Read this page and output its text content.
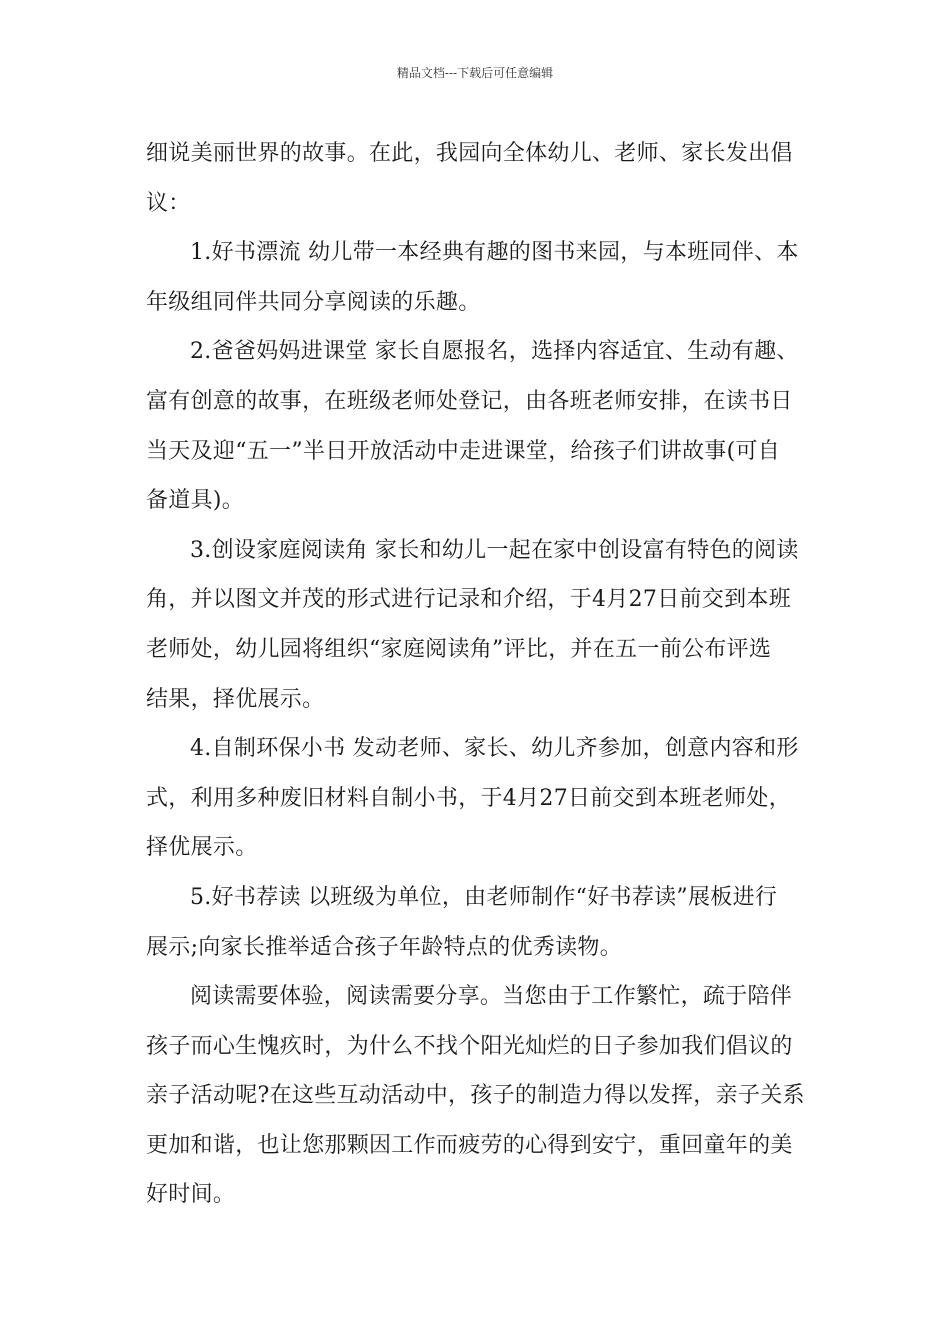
精品文档---下载后可任意编辑
细说美丽世界的故事。在此，我园向全体幼儿、老师、家长发出倡
议：
1.好书漂流 幼儿带一本经典有趣的图书来园，与本班同伴、本
年级组同伴共同分享阅读的乐趣。
2.爸爸妈妈进课堂 家长自愿报名，选择内容适宜、生动有趣、
富有创意的故事，在班级老师处登记，由各班老师安排，在读书日
当天及迎“五一”半日开放活动中走进课堂，给孩子们讲故事(可自
备道具)。
3.创设家庭阅读角 家长和幼儿一起在家中创设富有特色的阅读
角，并以图文并茂的形式进行记录和介绍，于4月27日前交到本班
老师处，幼儿园将组织“家庭阅读角”评比，并在五一前公布评选
结果，择优展示。
4.自制环保小书 发动老师、家长、幼儿齐参加，创意内容和形
式，利用多种废旧材料自制小书，于4月27日前交到本班老师处，
择优展示。
5.好书荐读 以班级为单位，由老师制作“好书荐读”展板进行
展示;向家长推举适合孩子年龄特点的优秀读物。
阅读需要体验，阅读需要分享。当您由于工作繁忙，疏于陪伴
孩子而心生愧疚时，为什么不找个阳光灿烂的日子参加我们倡议的
亲子活动呢?在这些互动活动中，孩子的制造力得以发挥，亲子关系
更加和谐，也让您那颗因工作而疲劳的心得到安宁，重回童年的美
好时间。
